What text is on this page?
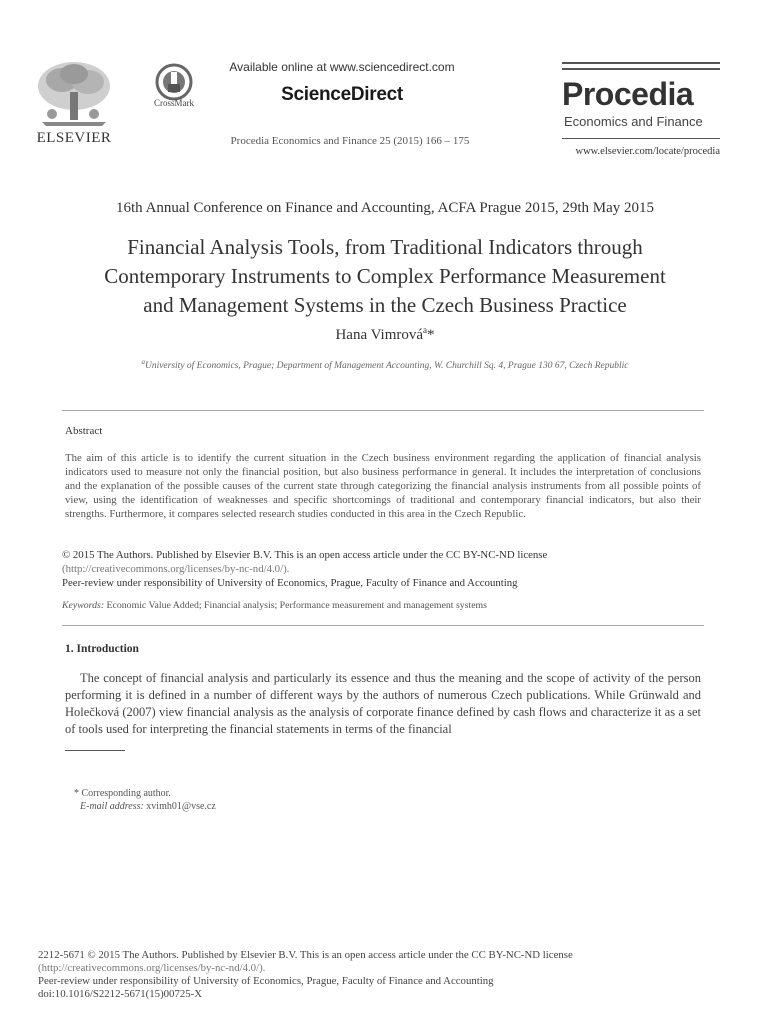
ELSEVIER
CrossMark
Available online at www.sciencedirect.com
ScienceDirect
Procedia Economics and Finance 25 (2015) 166 – 175
Procedia
Economics and Finance
www.elsevier.com/locate/procedia
16th Annual Conference on Finance and Accounting, ACFA Prague 2015, 29th May 2015
Financial Analysis Tools, from Traditional Indicators through
Contemporary Instruments to Complex Performance Measurement
and Management Systems in the Czech Business Practice
Hana Vimrová$^a$*
$^a$University of Economics, Prague; Department of Management Accounting, W. Churchill Sq. 4, Prague 130 67, Czech Republic
Abstract
The aim of this article is to identify the current situation in the Czech business environment regarding the application of financial analysis indicators used to measure not only the financial position, but also business performance in general. It includes the interpretation of conclusions and the explanation of the possible causes of the current state through categorizing the financial analysis instruments from all possible points of view, using the identification of weaknesses and specific shortcomings of traditional and contemporary financial indicators, but also their strengths. Furthermore, it compares selected research studies conducted in this area in the Czech Republic.
© 2015 The Authors. Published by Elsevier B.V. This is an open access article under the CC BY-NC-ND license
(http://creativecommons.org/licenses/by-nc-nd/4.0/).
Peer-review under responsibility of University of Economics, Prague, Faculty of Finance and Accounting
Keywords: Economic Value Added; Financial analysis; Performance measurement and management systems
1. Introduction
The concept of financial analysis and particularly its essence and thus the meaning and the scope of activity of the person performing it is defined in a number of different ways by the authors of numerous Czech publications. While Grünwald and Holečková (2007) view financial analysis as the analysis of corporate finance defined by cash flows and characterize it as a set of tools used for interpreting the financial statements in terms of the financial
* Corresponding author.
E-mail address: xvimh01@vse.cz
2212-5671 © 2015 The Authors. Published by Elsevier B.V. This is an open access article under the CC BY-NC-ND license
(http://creativecommons.org/licenses/by-nc-nd/4.0/).
Peer-review under responsibility of University of Economics, Prague, Faculty of Finance and Accounting
doi:10.1016/S2212-5671(15)00725-X
